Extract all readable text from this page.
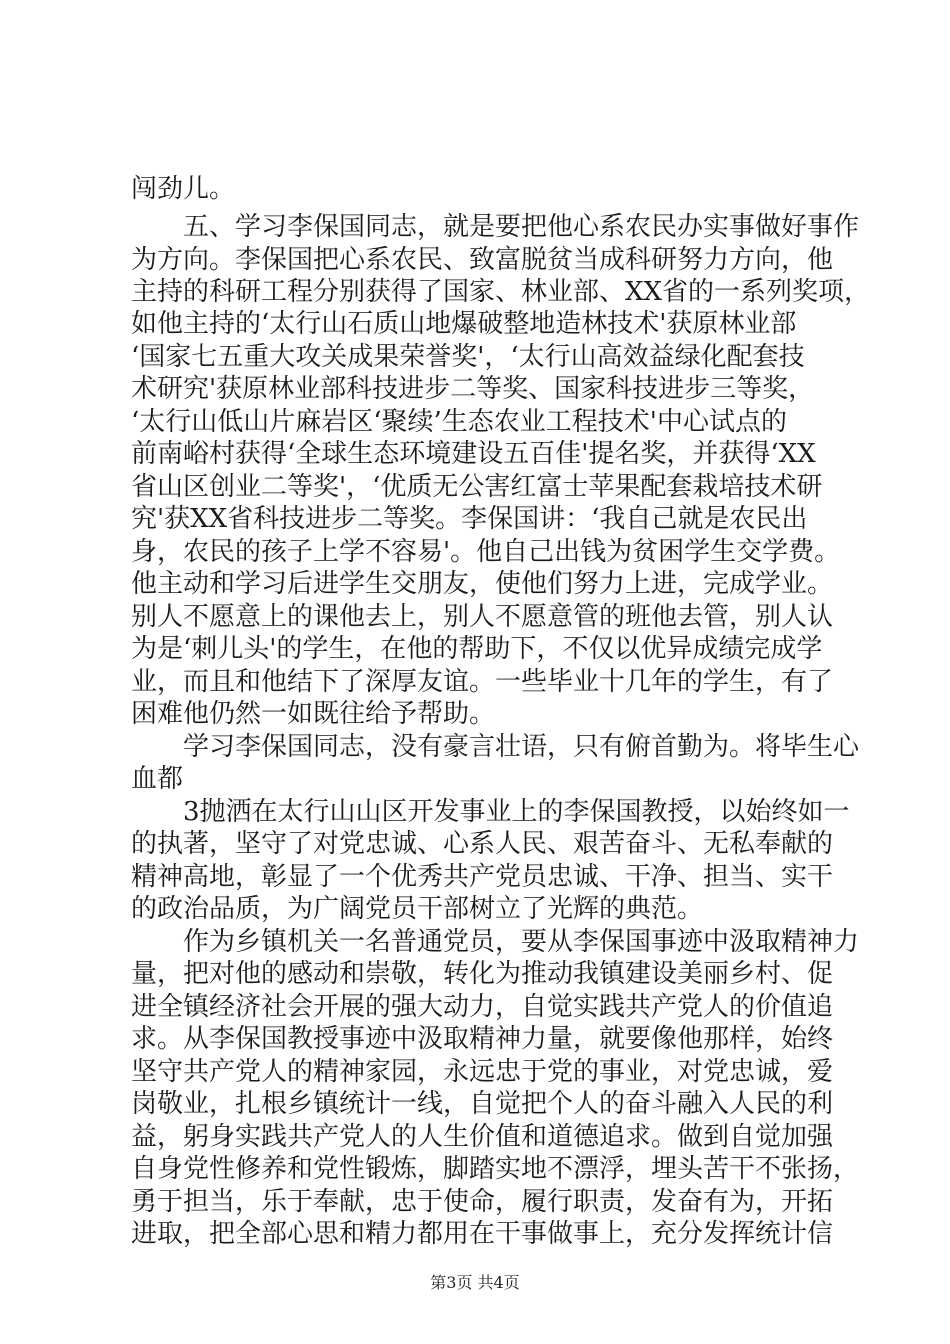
闯劲儿。
　　五、学习李保国同志，就是要把他心系农民办实事做好事作
为方向。李保国把心系农民、致富脱贫当成科研努力方向，他
主持的科研工程分别获得了国家、林业部、XX省的一系列奖项，
如他主持的‘太行山石质山地爆破整地造林技术'获原林业部
‘国家七五重大攻关成果荣誉奖'，‘太行山高效益绿化配套技
术研究'获原林业部科技进步二等奖、国家科技进步三等奖，
‘太行山低山片麻岩区‘聚续’生态农业工程技术'中心试点的
前南峪村获得‘全球生态环境建设五百佳'提名奖，并获得‘XX
省山区创业二等奖'，‘优质无公害红富士苹果配套栽培技术研
究'获XX省科技进步二等奖。李保国讲：‘我自己就是农民出
身，农民的孩子上学不容易'。他自己出钱为贫困学生交学费。
他主动和学习后进学生交朋友，使他们努力上进，完成学业。
别人不愿意上的课他去上，别人不愿意管的班他去管，别人认
为是‘刺儿头'的学生，在他的帮助下，不仅以优异成绩完成学
业，而且和他结下了深厚友谊。一些毕业十几年的学生，有了
困难他仍然一如既往给予帮助。
　　学习李保国同志，没有豪言壮语，只有俯首勤为。将毕生心
血都
　　3抛洒在太行山山区开发事业上的李保国教授，以始终如一
的执著，坚守了对党忠诚、心系人民、艰苦奋斗、无私奉献的
精神高地，彰显了一个优秀共产党员忠诚、干净、担当、实干
的政治品质，为广阔党员干部树立了光辉的典范。
　　作为乡镇机关一名普通党员，要从李保国事迹中汲取精神力
量，把对他的感动和崇敬，转化为推动我镇建设美丽乡村、促
进全镇经济社会开展的强大动力，自觉实践共产党人的价值追
求。从李保国教授事迹中汲取精神力量，就要像他那样，始终
坚守共产党人的精神家园，永远忠于党的事业，对党忠诚，爱
岗敬业，扎根乡镇统计一线，自觉把个人的奋斗融入人民的利
益，躬身实践共产党人的人生价值和道德追求。做到自觉加强
自身党性修养和党性锻炼，脚踏实地不漂浮，埋头苦干不张扬，
勇于担当，乐于奉献，忠于使命，履行职责，发奋有为，开拓
进取，把全部心思和精力都用在干事做事上，充分发挥统计信
第3页 共4页
